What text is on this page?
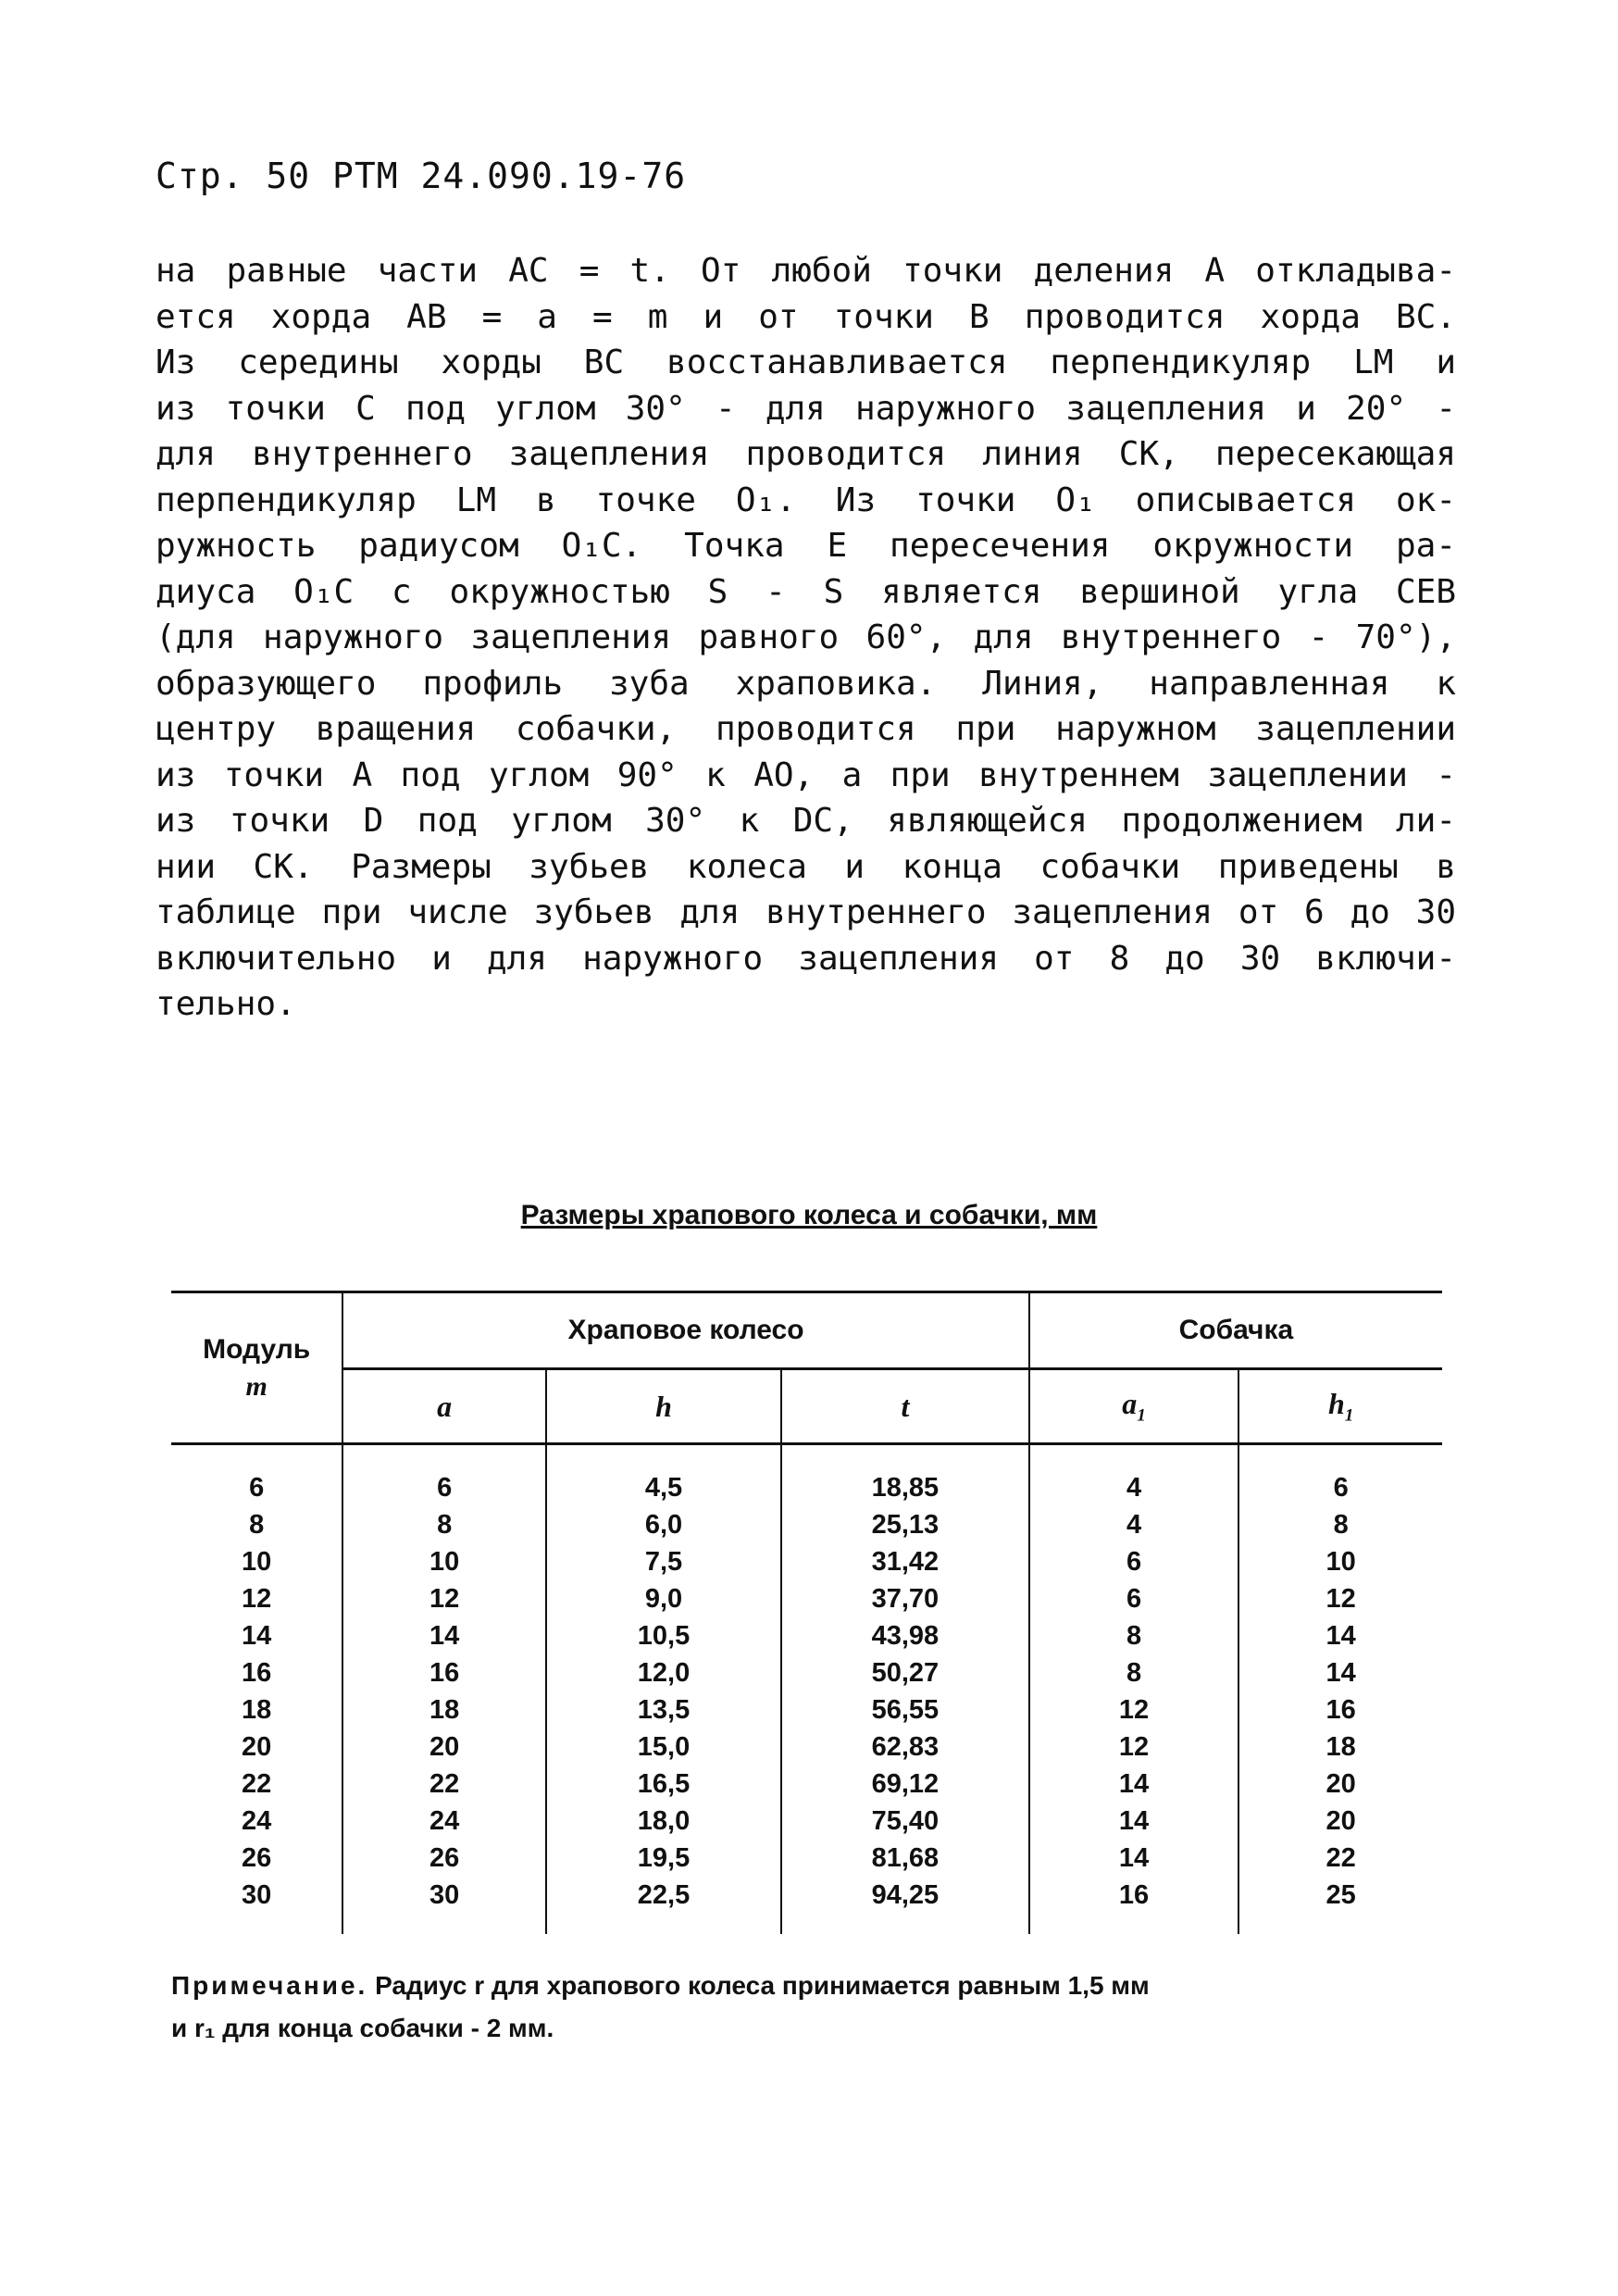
Стр. 50 РТМ 24.090.19-76
на равные части АС = t. От любой точки деления А откладыва-
ется хорда АВ = a = m и от точки В проводится хорда ВС.
Из середины хорды ВС восстанавливается перпендикуляр LM и
из точки С под углом 30° - для наружного зацепления и 20° -
для внутреннего зацепления проводится линия СК, пересекающая
перпендикуляр LM в точке О₁. Из точки О₁ описывается ок-
ружность радиусом О₁С. Точка Е пересечения окружности ра-
диуса О₁С с окружностью S - S является вершиной угла СЕВ
(для наружного зацепления равного 60°, для внутреннего - 70°),
образующего профиль зуба храповика. Линия, направленная к
центру вращения собачки, проводится при наружном зацеплении
из точки А под углом 90° к АО, а при внутреннем зацеплении -
из точки D под углом 30° к DC, являющейся продолжением ли-
нии СК. Размеры зубьев колеса и конца собачки приведены в
таблице при числе зубьев для внутреннего зацепления от 6 до 30
включительно и для наружного зацепления от 8 до 30 включи-
тельно.
Размеры храпового колеса и собачки, мм
Модуль
m	Храповое колесо			Собачка	
	a	h	t	$a_1$	$h_1$
6	6	4,5	18,85	4	6
8	8	6,0	25,13	4	8
10	10	7,5	31,42	6	10
12	12	9,0	37,70	6	12
14	14	10,5	43,98	8	14
16	16	12,0	50,27	8	14
18	18	13,5	56,55	12	16
20	20	15,0	62,83	12	18
22	22	16,5	69,12	14	20
24	24	18,0	75,40	14	20
26	26	19,5	81,68	14	22
30	30	22,5	94,25	16	25
Примечание. Радиус r для храпового колеса принимается равным 1,5 мм
и r₁ для конца собачки - 2 мм.
